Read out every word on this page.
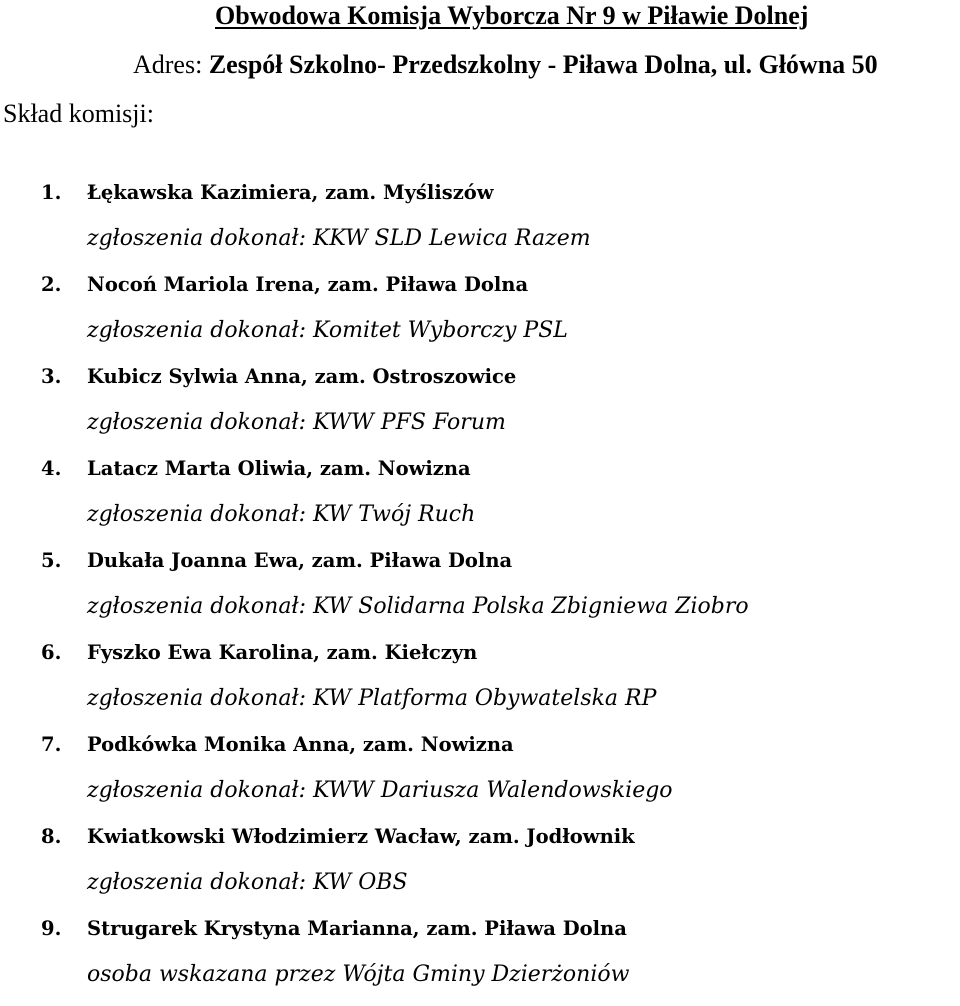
Obwodowa Komisja Wyborcza Nr 9 w Piławie Dolnej
Adres: Zespół Szkolno- Przedszkolny - Piława Dolna, ul. Główna 50
Skład komisji:
1. Łękawska Kazimiera, zam. Myśliszów
zgłoszenia dokonał: KKW SLD Lewica Razem
2. Nocoń Mariola Irena, zam. Piława Dolna
zgłoszenia dokonał: Komitet Wyborczy PSL
3. Kubicz Sylwia Anna, zam. Ostroszowice
zgłoszenia dokonał: KWW PFS Forum
4. Latacz Marta Oliwia, zam. Nowizna
zgłoszenia dokonał: KW Twój Ruch
5. Dukała Joanna Ewa, zam. Piława Dolna
zgłoszenia dokonał: KW Solidarna Polska Zbigniewa Ziobro
6. Fyszko Ewa Karolina, zam. Kiełczyn
zgłoszenia dokonał: KW Platforma Obywatelska RP
7. Podkówka Monika Anna, zam. Nowizna
zgłoszenia dokonał: KWW Dariusza Walendowskiego
8. Kwiatkowski Włodzimierz Wacław, zam. Jodłownik
zgłoszenia dokonał: KW OBS
9. Strugarek Krystyna Marianna, zam. Piława Dolna
osoba wskazana przez Wójta Gminy Dzierżoniów
